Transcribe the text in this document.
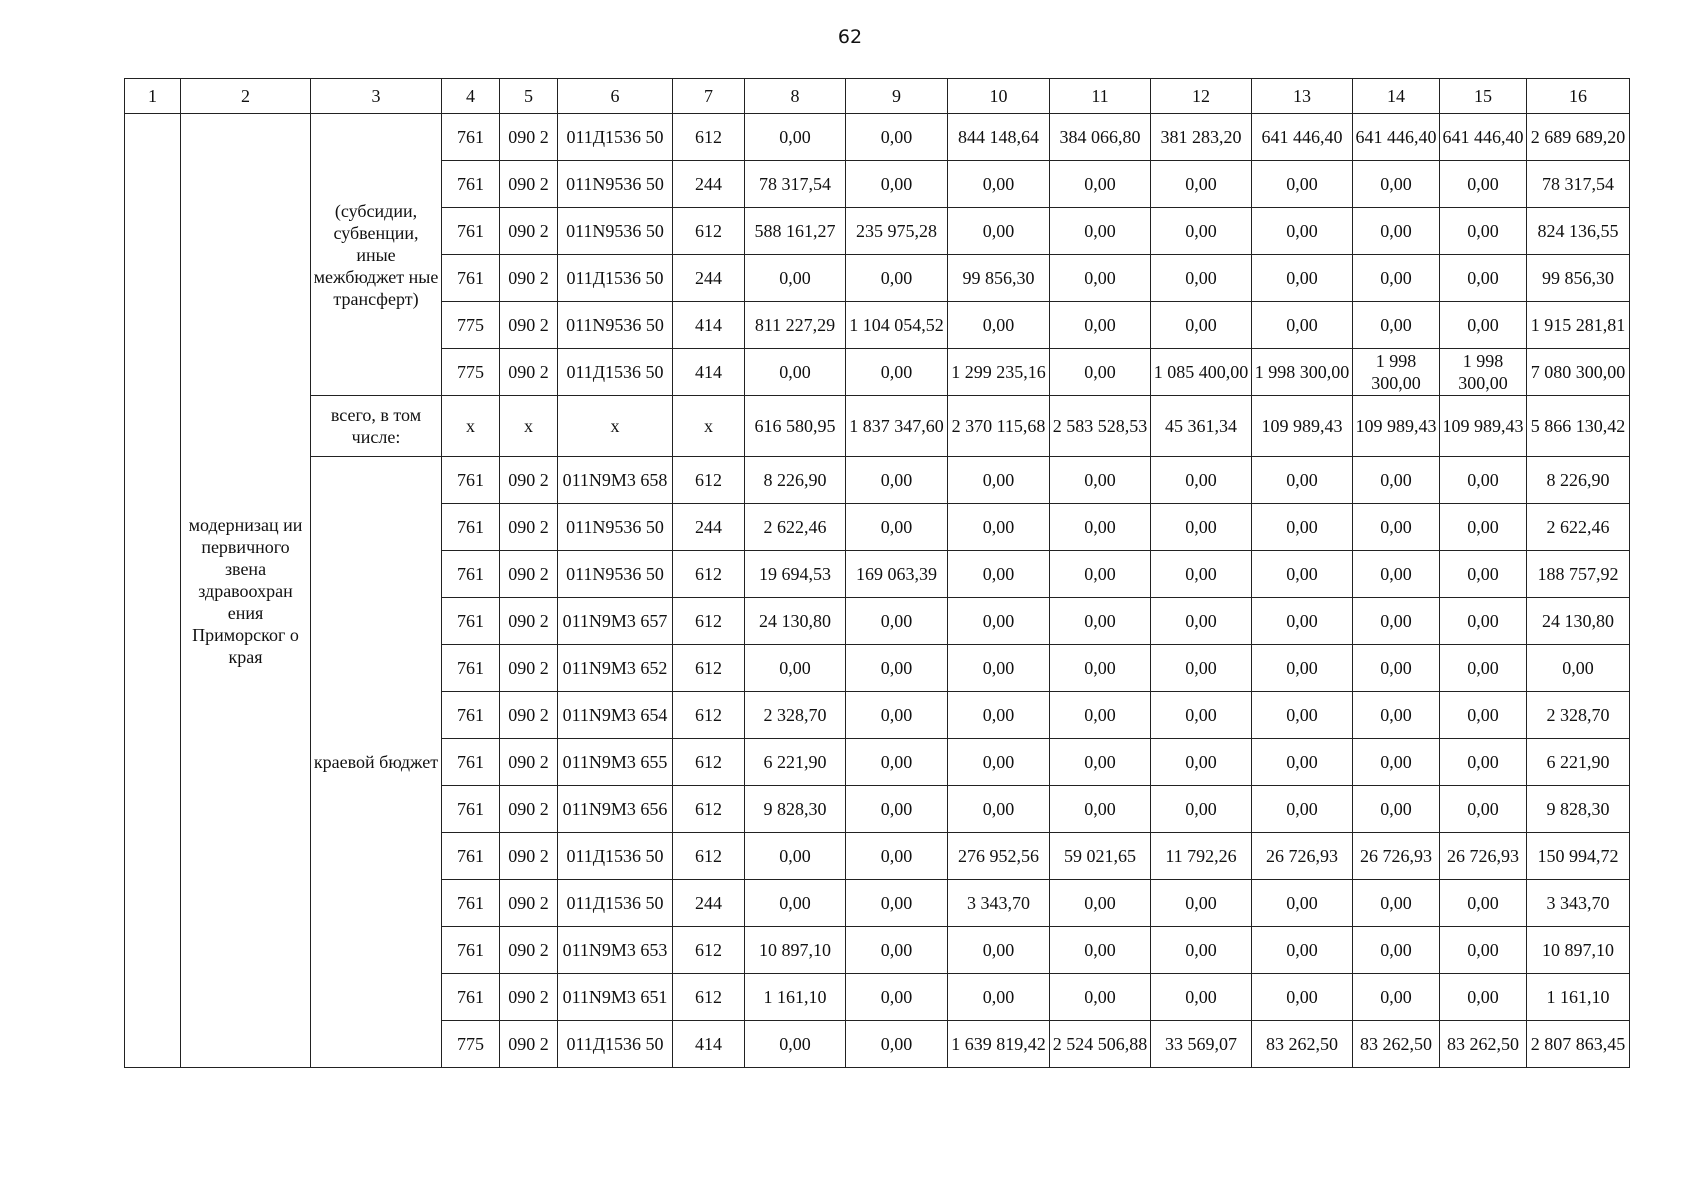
62
1	2	3	4	5	6	7	8	9	10	11	12	13	14	15	16
	модернизац ии первичного звена здравоохран ения Приморског о края	(субсидии, субвенции, иные межбюджет ные трансферт)	761	090 2	011Д1536 50	612	0,00	0,00	844 148,64	384 066,80	381 283,20	641 446,40	641 446,40	641 446,40	2 689 689,20
			761	090 2	011N9536 50	244	78 317,54	0,00	0,00	0,00	0,00	0,00	0,00	0,00	78 317,54
			761	090 2	011N9536 50	612	588 161,27	235 975,28	0,00	0,00	0,00	0,00	0,00	0,00	824 136,55
			761	090 2	011Д1536 50	244	0,00	0,00	99 856,30	0,00	0,00	0,00	0,00	0,00	99 856,30
			775	090 2	011N9536 50	414	811 227,29	1 104 054,52	0,00	0,00	0,00	0,00	0,00	0,00	1 915 281,81
			775	090 2	011Д1536 50	414	0,00	0,00	1 299 235,16	0,00	1 085 400,00	1 998 300,00	1 998 300,00	1 998 300,00	7 080 300,00
		всего, в том числе:	x	x	x	x	616 580,95	1 837 347,60	2 370 115,68	2 583 528,53	45 361,34	109 989,43	109 989,43	109 989,43	5 866 130,42
		краевой бюджет	761	090 2	011N9M3 658	612	8 226,90	0,00	0,00	0,00	0,00	0,00	0,00	0,00	8 226,90
			761	090 2	011N9536 50	244	2 622,46	0,00	0,00	0,00	0,00	0,00	0,00	0,00	2 622,46
			761	090 2	011N9536 50	612	19 694,53	169 063,39	0,00	0,00	0,00	0,00	0,00	0,00	188 757,92
			761	090 2	011N9M3 657	612	24 130,80	0,00	0,00	0,00	0,00	0,00	0,00	0,00	24 130,80
			761	090 2	011N9M3 652	612	0,00	0,00	0,00	0,00	0,00	0,00	0,00	0,00	0,00
			761	090 2	011N9M3 654	612	2 328,70	0,00	0,00	0,00	0,00	0,00	0,00	0,00	2 328,70
			761	090 2	011N9M3 655	612	6 221,90	0,00	0,00	0,00	0,00	0,00	0,00	0,00	6 221,90
			761	090 2	011N9M3 656	612	9 828,30	0,00	0,00	0,00	0,00	0,00	0,00	0,00	9 828,30
			761	090 2	011Д1536 50	612	0,00	0,00	276 952,56	59 021,65	11 792,26	26 726,93	26 726,93	26 726,93	150 994,72
			761	090 2	011Д1536 50	244	0,00	0,00	3 343,70	0,00	0,00	0,00	0,00	0,00	3 343,70
			761	090 2	011N9M3 653	612	10 897,10	0,00	0,00	0,00	0,00	0,00	0,00	0,00	10 897,10
			761	090 2	011N9M3 651	612	1 161,10	0,00	0,00	0,00	0,00	0,00	0,00	0,00	1 161,10
			775	090 2	011Д1536 50	414	0,00	0,00	1 639 819,42	2 524 506,88	33 569,07	83 262,50	83 262,50	83 262,50	2 807 863,45
